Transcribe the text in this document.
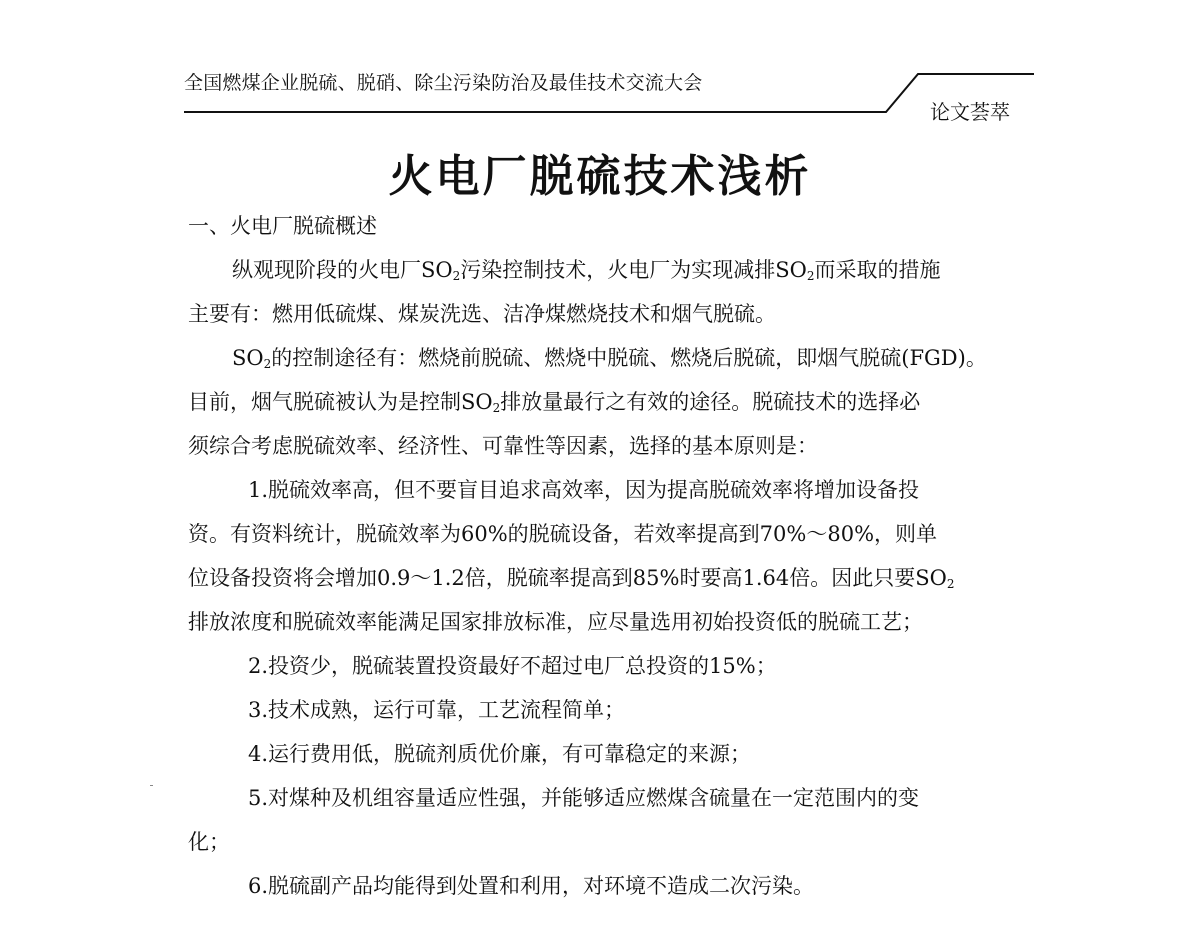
全国燃煤企业脱硫、脱硝、除尘污染防治及最佳技术交流大会
论文荟萃
火电厂脱硫技术浅析
一、火电厂脱硫概述
纵观现阶段的火电厂$SO_2$污染控制技术，火电厂为实现减排$SO_2$而采取的措施
主要有：燃用低硫煤、煤炭洗选、洁净煤燃烧技术和烟气脱硫。
$SO_2$的控制途径有：燃烧前脱硫、燃烧中脱硫、燃烧后脱硫，即烟气脱硫(FGD)。
目前，烟气脱硫被认为是控制$SO_2$排放量最行之有效的途径。脱硫技术的选择必
须综合考虑脱硫效率、经济性、可靠性等因素，选择的基本原则是：
1.脱硫效率高，但不要盲目追求高效率，因为提高脱硫效率将增加设备投
资。有资料统计，脱硫效率为60%的脱硫设备，若效率提高到70%～80%，则单
位设备投资将会增加0.9～1.2倍，脱硫率提高到85%时要高1.64倍。因此只要$SO_2$
排放浓度和脱硫效率能满足国家排放标准，应尽量选用初始投资低的脱硫工艺；
2.投资少，脱硫装置投资最好不超过电厂总投资的15%；
3.技术成熟，运行可靠，工艺流程简单；
4.运行费用低，脱硫剂质优价廉，有可靠稳定的来源；
5.对煤种及机组容量适应性强，并能够适应燃煤含硫量在一定范围内的变
化；
6.脱硫副产品均能得到处置和利用，对环境不造成二次污染。
